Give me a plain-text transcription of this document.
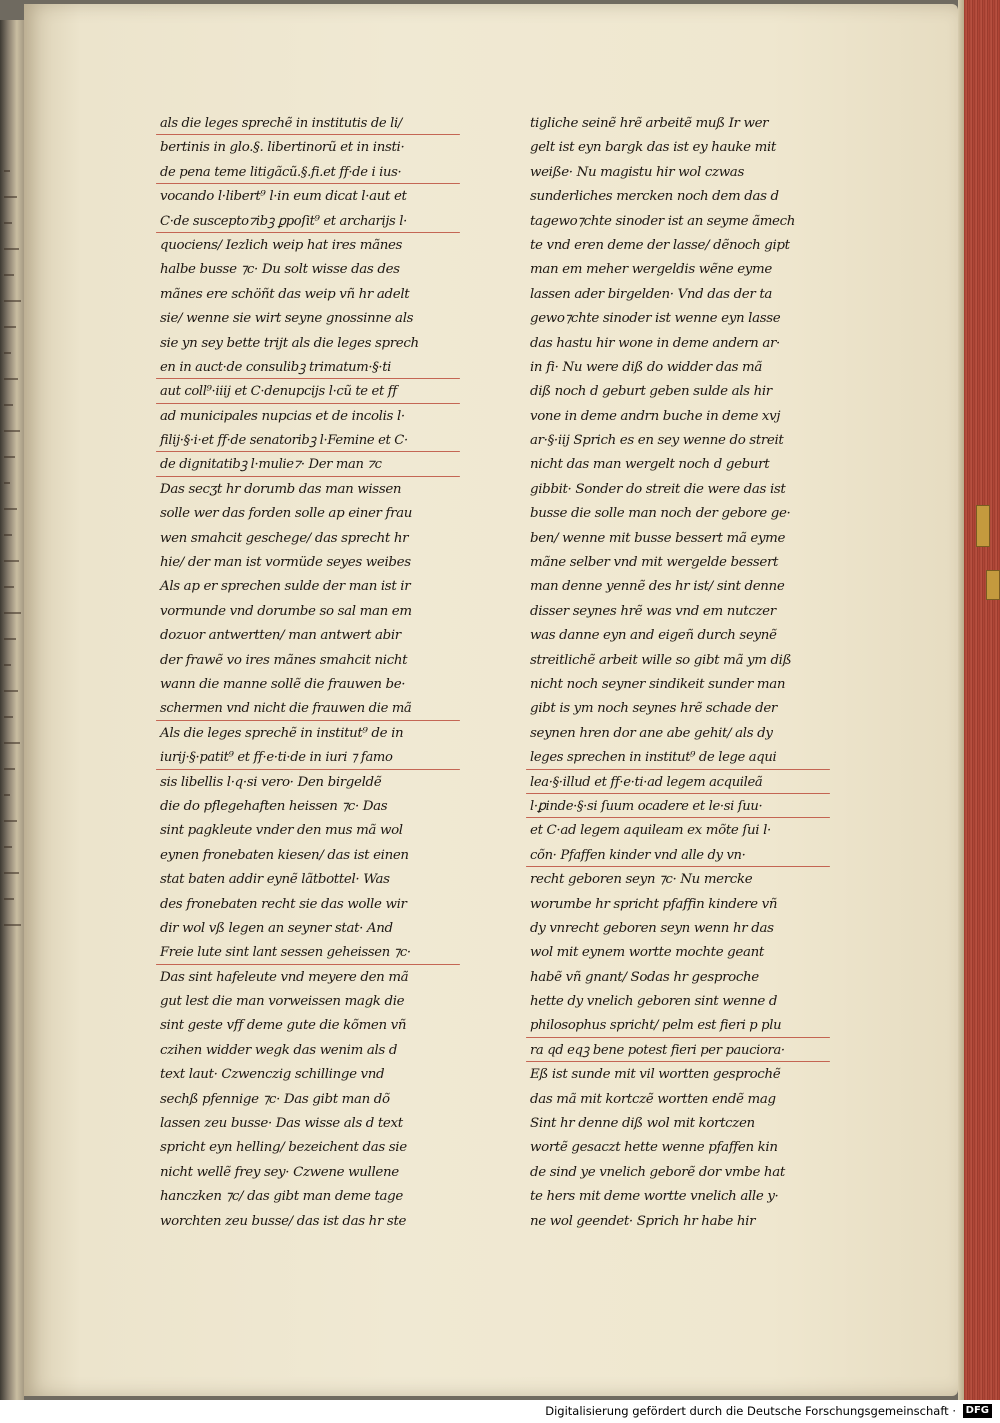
als die leges sprechẽ in institutis de li/
bertinis in glo.§. libertinorũ et in insti·
de pena teme litigãcũ.§.fi.et ff·de i ius·
vocando l·libert⁹ l·in eum dicat l·aut et
C·de suscepto⁊ibꝫ ꝑpoſit⁹ et archarijs l·
quociens/ Iezlich weip hat ires mãnes
halbe busse ⁊c· Du solt wisse das des
mãnes ere schöñt das weip vñ hr adelt
sie/ wenne sie wirt seyne gnossinne als
sie yn sey bette trijt als die leges sprech
en in auct·de consulibꝫ trimatum·§·ti
aut coll⁹·iiij et C·denupcijs l·cũ te et ff
ad municipales nupcias et de incolis l·
filij·§·i·et ff·de senatoribꝫ l·Femine et C·
de dignitatibꝫ l·mulie⁊· Der man ⁊c
Das secʒt hr dorumb das man wissen
solle wer das forden solle ap einer frau
wen smahcit geschege/ das sprecht hr
hie/ der man ist vormüde seyes weibes
Als ap er sprechen sulde der man ist ir
vormunde vnd dorumbe so sal man em
dozuor antwertten/ man antwert abir
der frawẽ vo ires mãnes smahcit nicht
wann die manne sollẽ die frauwen be·
schermen vnd nicht die frauwen die mã
Als die leges sprechẽ in institut⁹ de in
iurij·§·patit⁹ et ff·e·ti·de in iuri ⁊ famo
sis libellis l·q·si vero· Den birgeldẽ
die do pflegehaften heissen ⁊c· Das
sint pagkleute vnder den mus mã wol
eynen fronebaten kiesen/ das ist einen
stat baten addir eynẽ lãtbottel· Was
des fronebaten recht sie das wolle wir
dir wol vß legen an seyner stat· And
Freie lute sint lant sessen geheissen ⁊c·
Das sint hafeleute vnd meyere den mã
gut lest die man vorweissen magk die
sint geste vff deme gute die kõmen vñ
czihen widder wegk das wenim als d
text laut· Czwenczig schillinge vnd
sechß pfennige ⁊c· Das gibt man dõ
lassen zeu busse· Das wisse als d text
spricht eyn helling/ bezeichent das sie
nicht wellẽ frey sey· Czwene wullene
hanczken ⁊c/ das gibt man deme tage
worchten zeu busse/ das ist das hr ste
tigliche seinẽ hrẽ arbeitẽ muß Ir wer
gelt ist eyn bargk das ist ey hauke mit
weiße· Nu magistu hir wol czwas
sunderliches mercken noch dem das d
tagewo⁊chte sinoder ist an seyme ãmech
te vnd eren deme der lasse/ dẽnoch gipt
man em meher wergeldis wẽne eyme
lassen ader birgelden· Vnd das der ta
gewo⁊chte sinoder ist wenne eyn lasse
das hastu hir wone in deme andern ar·
in fi· Nu were diß do widder das mã
diß noch d geburt geben sulde als hir
vone in deme andrn buche in deme xvj
ar·§·iij Sprich es en sey wenne do streit
nicht das man wergelt noch d geburt
gibbit· Sonder do streit die were das ist
busse die solle man noch der gebore ge·
ben/ wenne mit busse bessert mã eyme
mãne selber vnd mit wergelde bessert
man denne yennẽ des hr ist/ sint denne
disser seynes hrẽ was vnd em nutczer
was danne eyn and eigeñ durch seynẽ
streitlichẽ arbeit wille so gibt mã ym diß
nicht noch seyner sindikeit sunder man
gibt is ym noch seynes hrẽ schade der
seynen hren dor ane abe gehit/ als dy
leges sprechen in institut⁹ de lege aqui
lea·§·illud et ff·e·ti·ad legem acquileã
l·ꝑinde·§·si ſuum ocadere et le·si ſuu·
et C·ad legem aquileam ex mõte ſui l·
cõn· Pfaffen kinder vnd alle dy vn·
recht geboren seyn ⁊c· Nu mercke
worumbe hr spricht pfaffin kindere vñ
dy vnrecht geboren seyn wenn hr das
wol mit eynem wortte mochte geant
habẽ vñ gnant/ Sodas hr gesproche
hette dy vnelich geboren sint wenne d
philosophus spricht/ pelm est fieri p plu
ra qd eqꝫ bene potest fieri per pauciora·
Eß ist sunde mit vil wortten gesprochẽ
das mã mit kortczẽ wortten endẽ mag
Sint hr denne diß wol mit kortczen
wortẽ gesaczt hette wenne pfaffen kin
de sind ye vnelich geborẽ dor vmbe hat
te hers mit deme wortte vnelich alle y·
ne wol geendet· Sprich hr habe hir
Digitalisierung gefördert durch die Deutsche Forschungsgemeinschaft · DFG
